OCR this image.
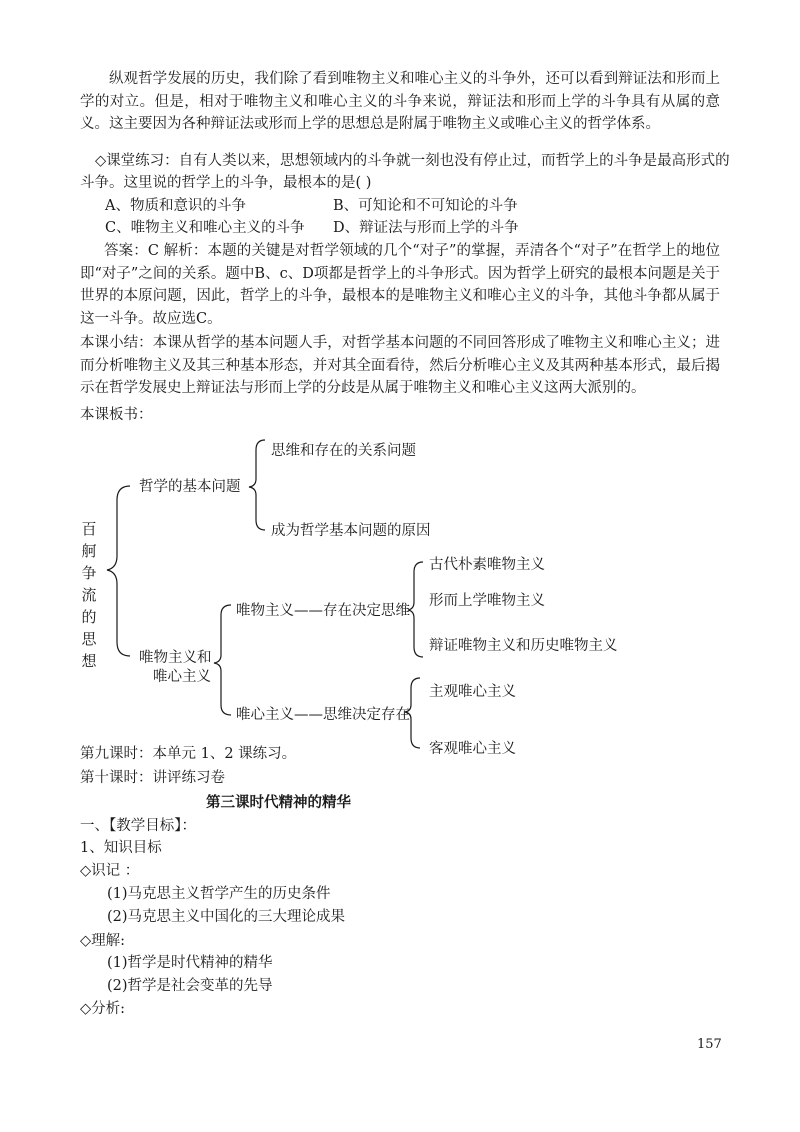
纵观哲学发展的历史，我们除了看到唯物主义和唯心主义的斗争外，还可以看到辩证法和形而上学的对立。但是，相对于唯物主义和唯心主义的斗争来说，辩证法和形而上学的斗争具有从属的意义。这主要因为各种辩证法或形而上学的思想总是附属于唯物主义或唯心主义的哲学体系。
◇课堂练习：自有人类以来，思想领域内的斗争就一刻也没有停止过，而哲学上的斗争是最高形式的
斗争。这里说的哲学上的斗争，最根本的是( )
A、物质和意识的斗争	B、可知论和不可知论的斗争
C、唯物主义和唯心主义的斗争 D、辩证法与形而上学的斗争
答案：C 解析：本题的关键是对哲学领域的几个“对子”的掌握，弄清各个“对子”在哲学上的地位即“对子”之间的关系。题中B、c、D项都是哲学上的斗争形式。因为哲学上研究的最根本问题是关于世界的本原问题，因此，哲学上的斗争，最根本的是唯物主义和唯心主义的斗争，其他斗争都从属于这一斗争。故应选C。
本课小结：本课从哲学的基本问题人手，对哲学基本问题的不同回答形成了唯物主义和唯心主义；进而分析唯物主义及其三种基本形态，并对其全面看待，然后分析唯心主义及其两种基本形式，最后揭示在哲学发展史上辩证法与形而上学的分歧是从属于唯物主义和唯心主义这两大派别的。
本课板书：
百
舸
争
流
的
思
想
哲学的基本问题
思维和存在的关系问题
成为哲学基本问题的原因
唯物主义和
唯心主义
唯物主义——存在决定思维
古代朴素唯物主义
形而上学唯物主义
辩证唯物主义和历史唯物主义
唯心主义——思维决定存在
主观唯心主义
客观唯心主义
第九课时：本单元 1、2 课练习。
第十课时：讲评练习卷
第三课时代精神的精华
一、【教学目标】：
1、知识目标
◇识记 ：
(1)马克思主义哲学产生的历史条件
(2)马克思主义中国化的三大理论成果
◇理解:
(1)哲学是时代精神的精华
(2)哲学是社会变革的先导
◇分析:
157
